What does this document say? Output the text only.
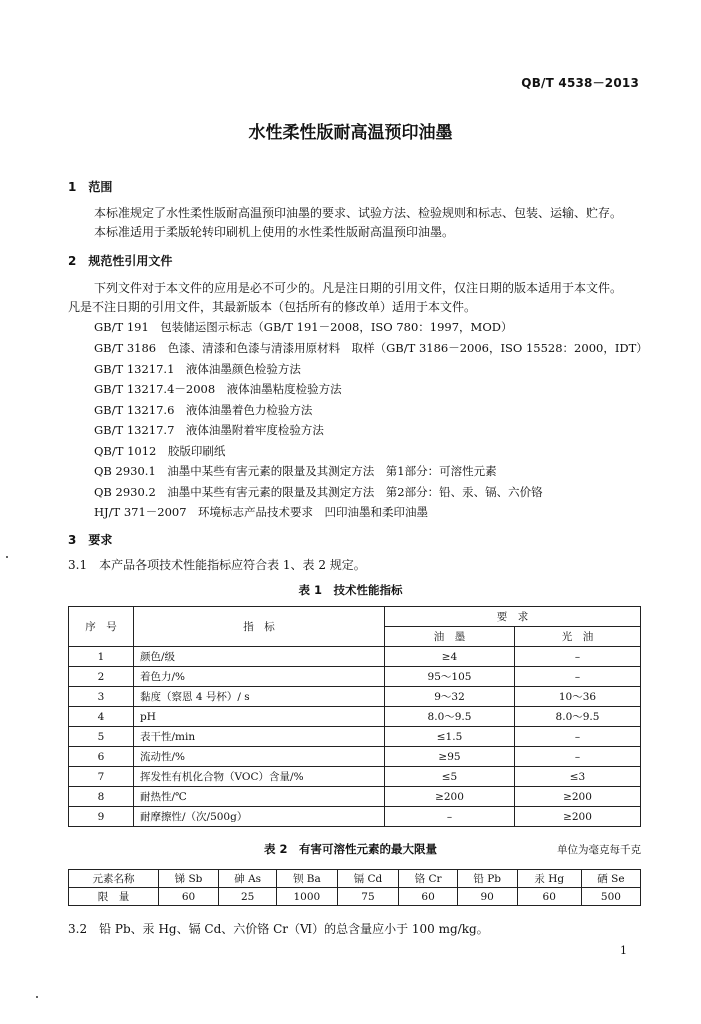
QB/T 4538－2013
水性柔性版耐高温预印油墨
1　范围
本标准规定了水性柔性版耐高温预印油墨的要求、试验方法、检验规则和标志、包装、运输、贮存。
本标准适用于柔版轮转印刷机上使用的水性柔性版耐高温预印油墨。
2　规范性引用文件
下列文件对于本文件的应用是必不可少的。凡是注日期的引用文件，仅注日期的版本适用于本文件。
凡是不注日期的引用文件，其最新版本（包括所有的修改单）适用于本文件。
GB/T 191　包装储运图示标志（GB/T 191－2008，ISO 780：1997，MOD）
GB/T 3186　色漆、清漆和色漆与清漆用原材料　取样（GB/T 3186－2006，ISO 15528：2000，IDT）
GB/T 13217.1　液体油墨颜色检验方法
GB/T 13217.4－2008　液体油墨粘度检验方法
GB/T 13217.6　液体油墨着色力检验方法
GB/T 13217.7　液体油墨附着牢度检验方法
QB/T 1012　胶版印刷纸
QB 2930.1　油墨中某些有害元素的限量及其测定方法　第1部分：可溶性元素
QB 2930.2　油墨中某些有害元素的限量及其测定方法　第2部分：铅、汞、镉、六价铬
HJ/T 371－2007　环境标志产品技术要求　凹印油墨和柔印油墨
3　要求
3.1　本产品各项技术性能指标应符合表 1、表 2 规定。
表 1　技术性能指标
序　号	指　标	要　求	
		油　墨	光　油
1	颜色/级	≥4	–
2	着色力/%	95～105	–
3	黏度（察恩 4 号杯）/ s	9～32	10～36
4	pH	8.0～9.5	8.0～9.5
5	表干性/min	≤1.5	–
6	流动性/%	≥95	–
7	挥发性有机化合物（VOC）含量/%	≤5	≤3
8	耐热性/℃	≥200	≥200
9	耐摩擦性/（次/500g）	–	≥200
表 2　有害可溶性元素的最大限量	单位为毫克每千克
元素名称	锑 Sb	砷 As	钡 Ba	镉 Cd	铬 Cr	铅 Pb	汞 Hg	硒 Se
限　量	60	25	1000	75	60	90	60	500
3.2　铅 Pb、汞 Hg、镉 Cd、六价铬 Cr（Ⅵ）的总含量应小于 100 mg/kg。
1
